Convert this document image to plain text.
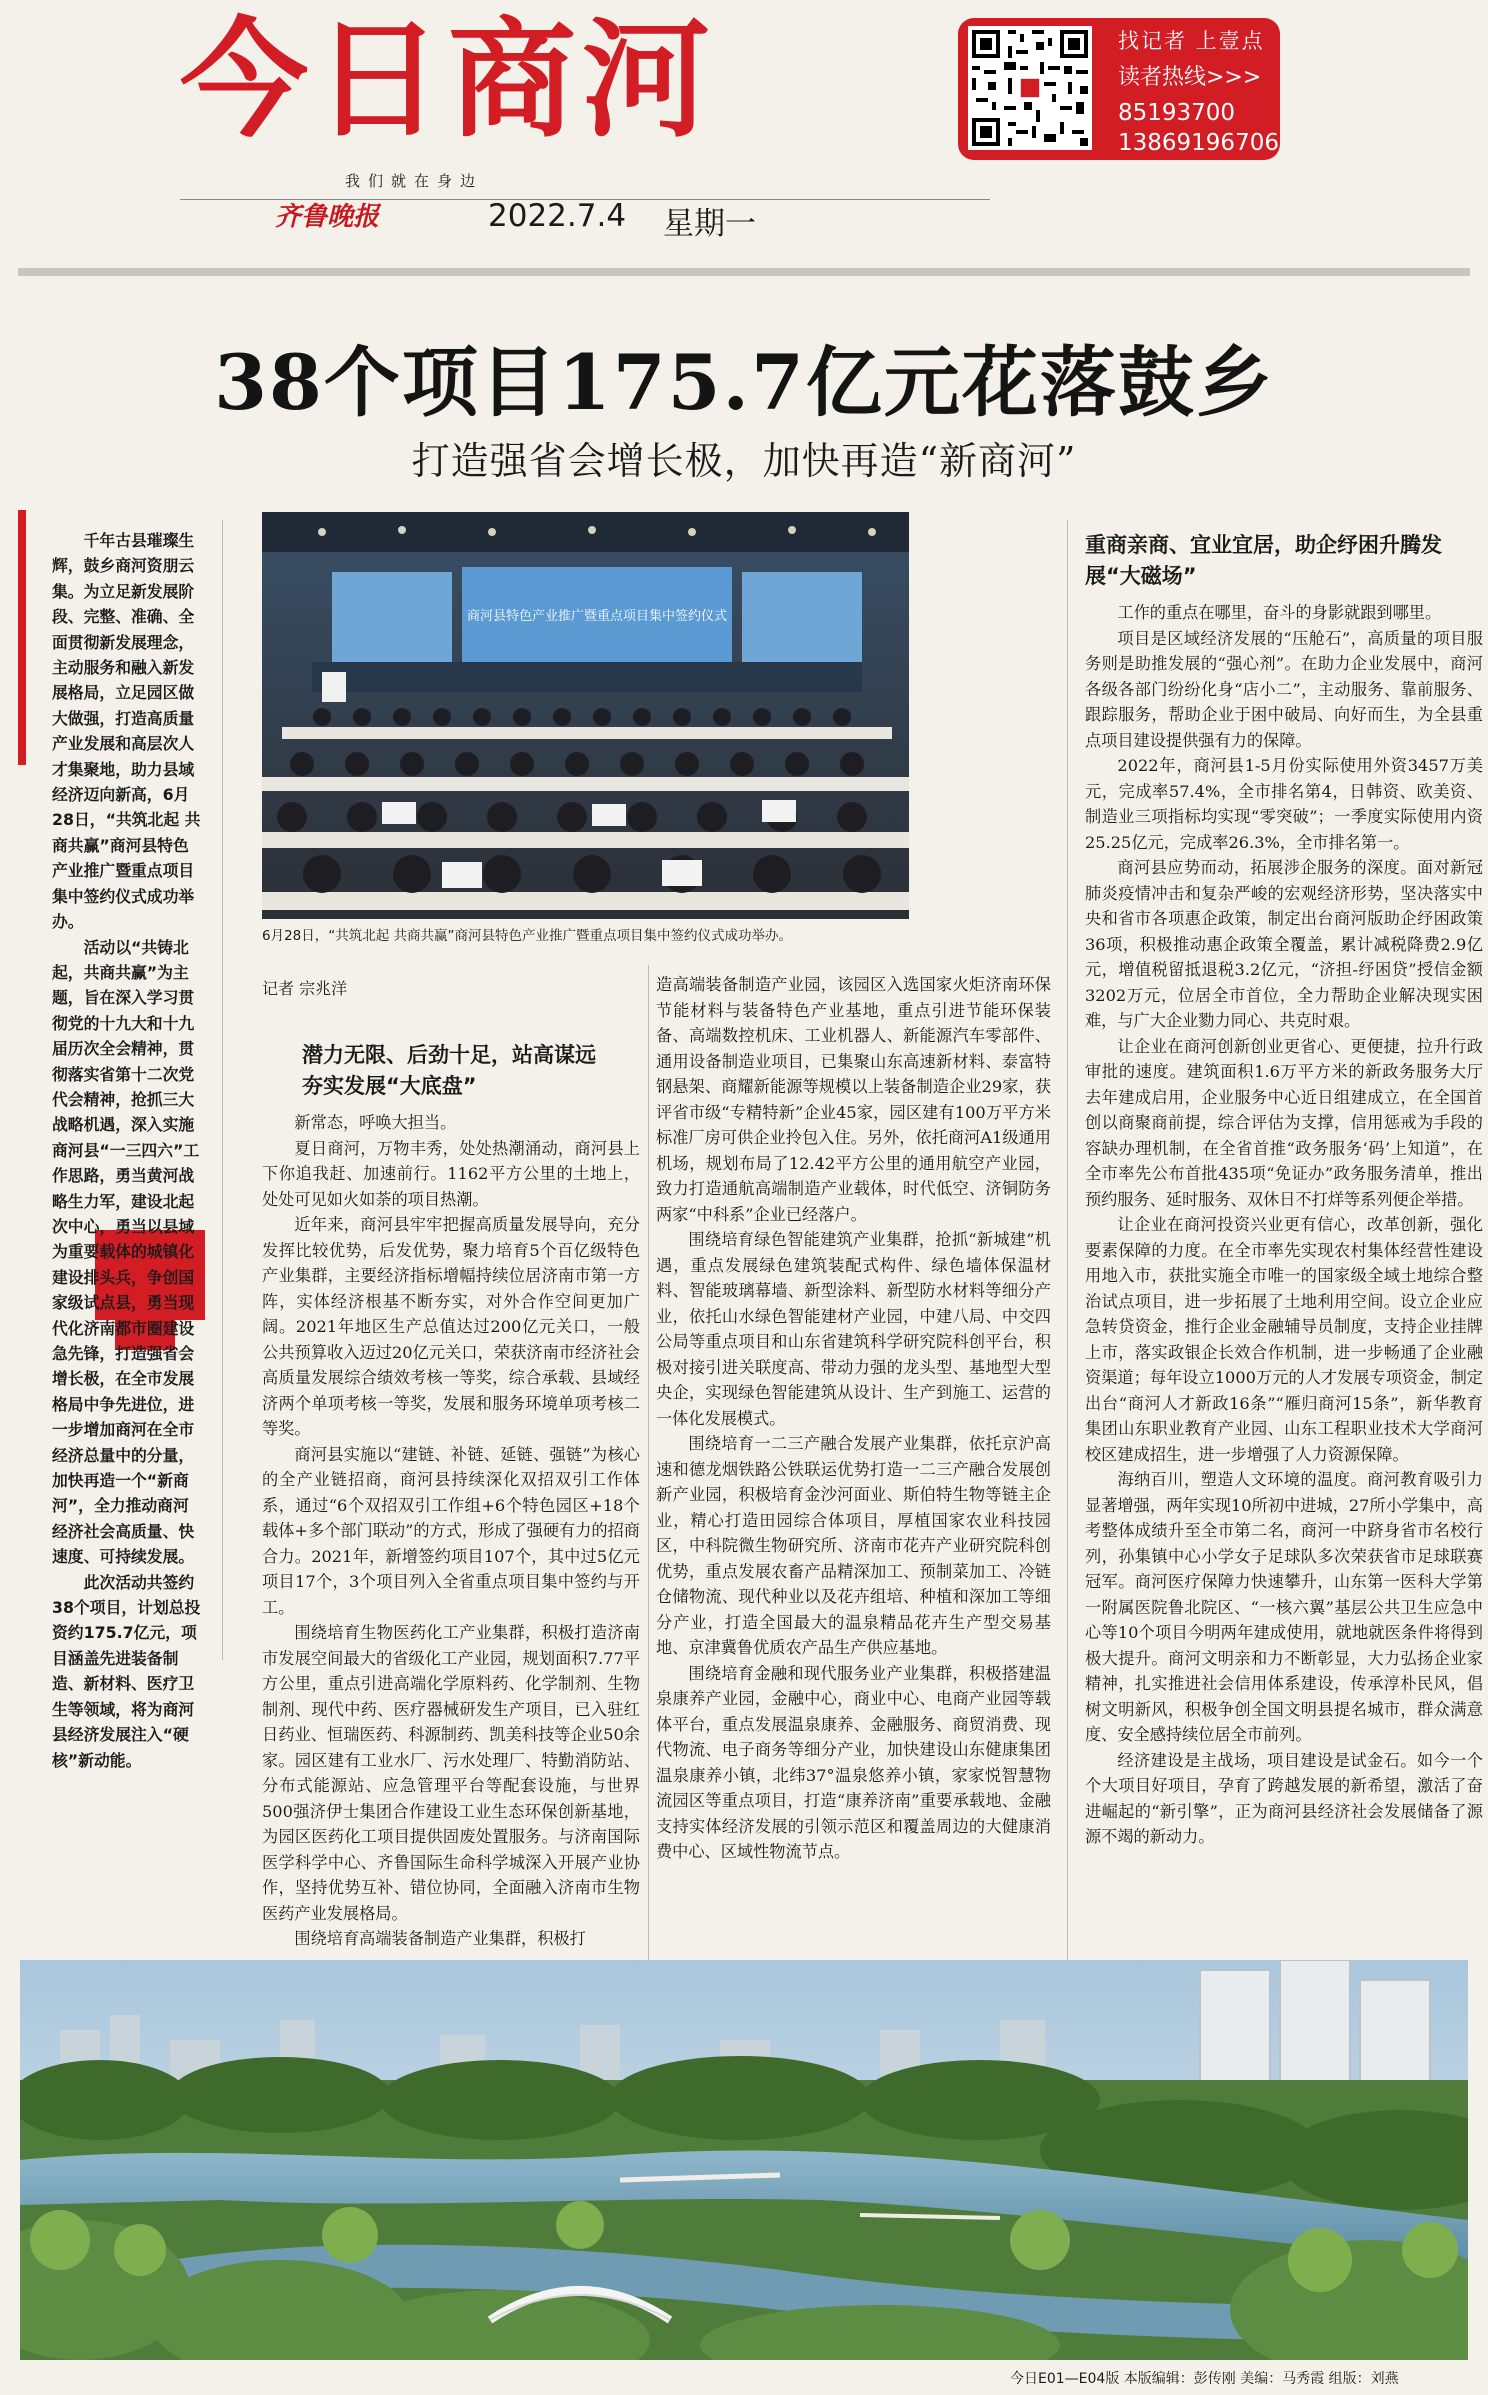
今日商河
我们就在身边
齐鲁晚报	2022.7.4 星期一
找记者 上壹点
读者热线>>>
85193700
13869196706
38个项目175.7亿元花落鼓乡
打造强省会增长极，加快再造“新商河”

千年古县璀璨生辉，鼓乡商河资朋云集。为立足新发展阶段、完整、准确、全面贯彻新发展理念，主动服务和融入新发展格局，立足园区做大做强，打造高质量产业发展和高层次人才集聚地，助力县域经济迈向新高，6月28日，“共筑北起 共商共赢”商河县特色产业推广暨重点项目集中签约仪式成功举办。

活动以“共铸北起，共商共赢”为主题，旨在深入学习贯彻党的十九大和十九届历次全会精神，贯彻落实省第十二次党代会精神，抢抓三大战略机遇，深入实施商河县“一三四六”工作思路，勇当黄河战略生力军，建设北起次中心，勇当以县域为重要载体的城镇化建设排头兵，争创国家级试点县，勇当现代化济南都市圈建设急先锋，打造强省会增长极，在全市发展格局中争先进位，进一步增加商河在全市经济总量中的分量，加快再造一个“新商河”，全力推动商河经济社会高质量、快速度、可持续发展。

此次活动共签约38个项目，计划总投资约175.7亿元，项目涵盖先进装备制造、新材料、医疗卫生等领域，将为商河县经济发展注入“硬核”新动能。

商河县特色产业推广暨重点项目集中签约仪式
6月28日，“共筑北起 共商共赢”商河县特色产业推广暨重点项目集中签约仪式成功举办。
记者 宗兆洋
潜力无限、后劲十足，站高谋远夯实发展“大底盘”

新常态，呼唤大担当。

夏日商河，万物丰秀，处处热潮涌动，商河县上下你追我赶、加速前行。1162平方公里的土地上，处处可见如火如荼的项目热潮。

近年来，商河县牢牢把握高质量发展导向，充分发挥比较优势，后发优势，聚力培育5个百亿级特色产业集群，主要经济指标增幅持续位居济南市第一方阵，实体经济根基不断夯实，对外合作空间更加广阔。2021年地区生产总值达过200亿元关口，一般公共预算收入迈过20亿元关口，荣获济南市经济社会高质量发展综合绩效考核一等奖，综合承载、县域经济两个单项考核一等奖，发展和服务环境单项考核二等奖。

商河县实施以“建链、补链、延链、强链”为核心的全产业链招商，商河县持续深化双招双引工作体系，通过“6个双招双引工作组+6个特色园区+18个载体+多个部门联动”的方式，形成了强硬有力的招商合力。2021年，新增签约项目107个，其中过5亿元项目17个，3个项目列入全省重点项目集中签约与开工。

围绕培育生物医药化工产业集群，积极打造济南市发展空间最大的省级化工产业园，规划面积7.77平方公里，重点引进高端化学原料药、化学制剂、生物制剂、现代中药、医疗器械研发生产项目，已入驻红日药业、恒瑞医药、科源制药、凯美科技等企业50余家。园区建有工业水厂、污水处理厂、特勤消防站、分布式能源站、应急管理平台等配套设施，与世界500强济伊士集团合作建设工业生态环保创新基地，为园区医药化工项目提供固废处置服务。与济南国际医学科学中心、齐鲁国际生命科学城深入开展产业协作，坚持优势互补、错位协同，全面融入济南市生物医药产业发展格局。

围绕培育高端装备制造产业集群，积极打

造高端装备制造产业园，该园区入选国家火炬济南环保节能材料与装备特色产业基地，重点引进节能环保装备、高端数控机床、工业机器人、新能源汽车零部件、通用设备制造业项目，已集聚山东高速新材料、泰富特钢悬架、商耀新能源等规模以上装备制造企业29家，获评省市级“专精特新”企业45家，园区建有100万平方米标准厂房可供企业拎包入住。另外，依托商河A1级通用机场，规划布局了12.42平方公里的通用航空产业园，致力打造通航高端制造产业载体，时代低空、济铜防务两家“中科系”企业已经落户。

围绕培育绿色智能建筑产业集群，抢抓“新城建”机遇，重点发展绿色建筑装配式构件、绿色墙体保温材料、智能玻璃幕墙、新型涂料、新型防水材料等细分产业，依托山水绿色智能建材产业园，中建八局、中交四公局等重点项目和山东省建筑科学研究院科创平台，积极对接引进关联度高、带动力强的龙头型、基地型大型央企，实现绿色智能建筑从设计、生产到施工、运营的一体化发展模式。

围绕培育一二三产融合发展产业集群，依托京沪高速和德龙烟铁路公铁联运优势打造一二三产融合发展创新产业园，积极培育金沙河面业、斯伯特生物等链主企业，精心打造田园综合体项目，厚植国家农业科技园区，中科院微生物研究所、济南市花卉产业研究院科创优势，重点发展农畜产品精深加工、预制菜加工、冷链仓储物流、现代种业以及花卉组培、种植和深加工等细分产业，打造全国最大的温泉精品花卉生产型交易基地、京津冀鲁优质农产品生产供应基地。

围绕培育金融和现代服务业产业集群，积极搭建温泉康养产业园，金融中心，商业中心、电商产业园等载体平台，重点发展温泉康养、金融服务、商贸消费、现代物流、电子商务等细分产业，加快建设山东健康集团温泉康养小镇，北纬37°温泉悠养小镇，家家悦智慧物流园区等重点项目，打造“康养济南”重要承载地、金融支持实体经济发展的引领示范区和覆盖周边的大健康消费中心、区域性物流节点。

重商亲商、宜业宜居，助企纾困升腾发展“大磁场”

工作的重点在哪里，奋斗的身影就跟到哪里。

项目是区域经济发展的“压舱石”，高质量的项目服务则是助推发展的“强心剂”。在助力企业发展中，商河各级各部门纷纷化身“店小二”，主动服务、靠前服务、跟踪服务，帮助企业于困中破局、向好而生，为全县重点项目建设提供强有力的保障。

2022年，商河县1-5月份实际使用外资3457万美元，完成率57.4%，全市排名第4，日韩资、欧美资、制造业三项指标均实现“零突破”；一季度实际使用内资25.25亿元，完成率26.3%，全市排名第一。

商河县应势而动，拓展涉企服务的深度。面对新冠肺炎疫情冲击和复杂严峻的宏观经济形势，坚决落实中央和省市各项惠企政策，制定出台商河版助企纾困政策36项，积极推动惠企政策全覆盖，累计减税降费2.9亿元，增值税留抵退税3.2亿元，“济担-纾困贷”授信金额3202万元，位居全市首位，全力帮助企业解决现实困难，与广大企业勠力同心、共克时艰。

让企业在商河创新创业更省心、更便捷，拉升行政审批的速度。建筑面积1.6万平方米的新政务服务大厅去年建成启用，企业服务中心近日组建成立，在全国首创以商聚商前提，综合评估为支撑，信用惩戒为手段的容缺办理机制，在全省首推“政务服务‘码’上知道”，在全市率先公布首批435项“免证办”政务服务清单，推出预约服务、延时服务、双休日不打烊等系列便企举措。

让企业在商河投资兴业更有信心，改革创新，强化要素保障的力度。在全市率先实现农村集体经营性建设用地入市，获批实施全市唯一的国家级全域土地综合整治试点项目，进一步拓展了土地利用空间。设立企业应急转贷资金，推行企业金融辅导员制度，支持企业挂牌上市，落实政银企长效合作机制，进一步畅通了企业融资渠道；每年设立1000万元的人才发展专项资金，制定出台“商河人才新政16条”“雁归商河15条”，新华教育集团山东职业教育产业园、山东工程职业技术大学商河校区建成招生，进一步增强了人力资源保障。

海纳百川，塑造人文环境的温度。商河教育吸引力显著增强，两年实现10所初中进城，27所小学集中，高考整体成绩升至全市第二名，商河一中跻身省市名校行列，孙集镇中心小学女子足球队多次荣获省市足球联赛冠军。商河医疗保障力快速攀升，山东第一医科大学第一附属医院鲁北院区、“一核六翼”基层公共卫生应急中心等10个项目今明两年建成使用，就地就医条件将得到极大提升。商河文明亲和力不断彰显，大力弘扬企业家精神，扎实推进社会信用体系建设，传承淳朴民风，倡树文明新风，积极争创全国文明县提名城市，群众满意度、安全感持续位居全市前列。

经济建设是主战场，项目建设是试金石。如今一个个大项目好项目，孕育了跨越发展的新希望，激活了奋进崛起的“新引擎”，正为商河县经济社会发展储备了源源不竭的新动力。

今日E01—E04版 本版编辑：彭传刚 美编：马秀霞 组版：刘燕
